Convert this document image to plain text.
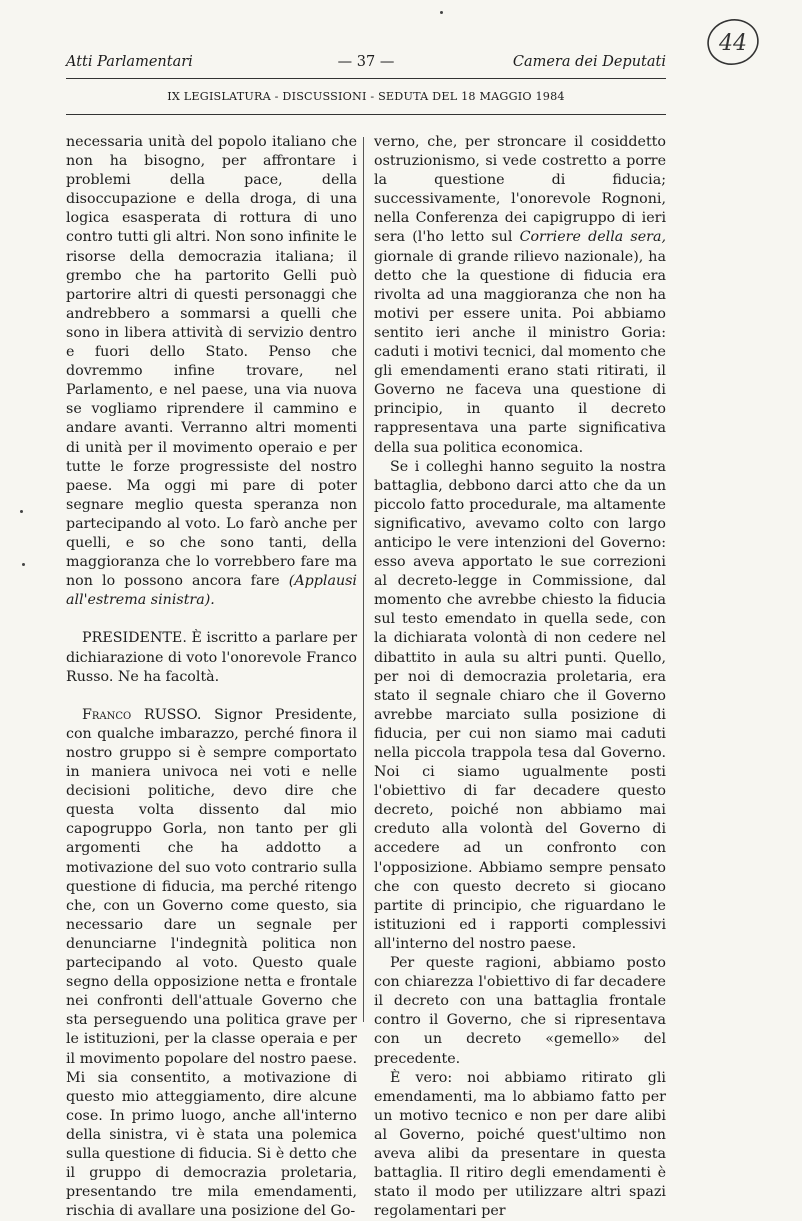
Atti Parlamentari	— 37 —	Camera dei Deputati
IX LEGISLATURA - DISCUSSIONI - SEDUTA DEL 18 MAGGIO 1984
44

necessaria unità del popolo italiano che non ha bisogno, per affrontare i problemi della pace, della disoccupazione e della droga, di una logica esasperata di rottura di uno contro tutti gli altri. Non sono infinite le risorse della democrazia italiana; il grembo che ha partorito Gelli può partorire altri di questi personaggi che andrebbero a sommarsi a quelli che sono in libera attività di servizio dentro e fuori dello Stato. Penso che dovremmo infine trovare, nel Parlamento, e nel paese, una via nuova se vogliamo riprendere il cammino e andare avanti. Verranno altri momenti di unità per il movimento operaio e per tutte le forze progressiste del nostro paese. Ma oggi mi pare di poter segnare meglio questa speranza non partecipando al voto. Lo farò anche per quelli, e so che sono tanti, della maggioranza che lo vorrebbero fare ma non lo possono ancora fare (Applausi all'estrema sinistra).

PRESIDENTE. È iscritto a parlare per dichiarazione di voto l'onorevole Franco Russo. Ne ha facoltà.

Franco RUSSO. Signor Presidente, con qualche imbarazzo, perché finora il nostro gruppo si è sempre comportato in maniera univoca nei voti e nelle decisioni politiche, devo dire che questa volta dissento dal mio capogruppo Gorla, non tanto per gli argomenti che ha addotto a motivazione del suo voto contrario sulla questione di fiducia, ma perché ritengo che, con un Governo come questo, sia necessario dare un segnale per denunciarne l'indegnità politica non partecipando al voto. Questo quale segno della opposizione netta e frontale nei confronti dell'attuale Governo che sta perseguendo una politica grave per le istituzioni, per la classe operaia e per il movimento popolare del nostro paese. Mi sia consentito, a motivazione di questo mio atteggiamento, dire alcune cose. In primo luogo, anche all'interno della sinistra, vi è stata una polemica sulla questione di fiducia. Si è detto che il gruppo di democrazia proletaria, presentando tre mila emendamenti, rischia di avallare una posizione del Go-

verno, che, per stroncare il cosiddetto ostruzionismo, si vede costretto a porre la questione di fiducia; successivamente, l'onorevole Rognoni, nella Conferenza dei capigruppo di ieri sera (l'ho letto sul Corriere della sera, giornale di grande rilievo nazionale), ha detto che la questione di fiducia era rivolta ad una maggioranza che non ha motivi per essere unita. Poi abbiamo sentito ieri anche il ministro Goria: caduti i motivi tecnici, dal momento che gli emendamenti erano stati ritirati, il Governo ne faceva una questione di principio, in quanto il decreto rappresentava una parte significativa della sua politica economica.

Se i colleghi hanno seguito la nostra battaglia, debbono darci atto che da un piccolo fatto procedurale, ma altamente significativo, avevamo colto con largo anticipo le vere intenzioni del Governo: esso aveva apportato le sue correzioni al decreto-legge in Commissione, dal momento che avrebbe chiesto la fiducia sul testo emendato in quella sede, con la dichiarata volontà di non cedere nel dibattito in aula su altri punti. Quello, per noi di democrazia proletaria, era stato il segnale chiaro che il Governo avrebbe marciato sulla posizione di fiducia, per cui non siamo mai caduti nella piccola trappola tesa dal Governo. Noi ci siamo ugualmente posti l'obiettivo di far decadere questo decreto, poiché non abbiamo mai creduto alla volontà del Governo di accedere ad un confronto con l'opposizione. Abbiamo sempre pensato che con questo decreto si giocano partite di principio, che riguardano le istituzioni ed i rapporti complessivi all'interno del nostro paese.

Per queste ragioni, abbiamo posto con chiarezza l'obiettivo di far decadere il decreto con una battaglia frontale contro il Governo, che si ripresentava con un decreto «gemello» del precedente.

È vero: noi abbiamo ritirato gli emendamenti, ma lo abbiamo fatto per un motivo tecnico e non per dare alibi al Governo, poiché quest'ultimo non aveva alibi da presentare in questa battaglia. Il ritiro degli emendamenti è stato il modo per utilizzare altri spazi regolamentari per
